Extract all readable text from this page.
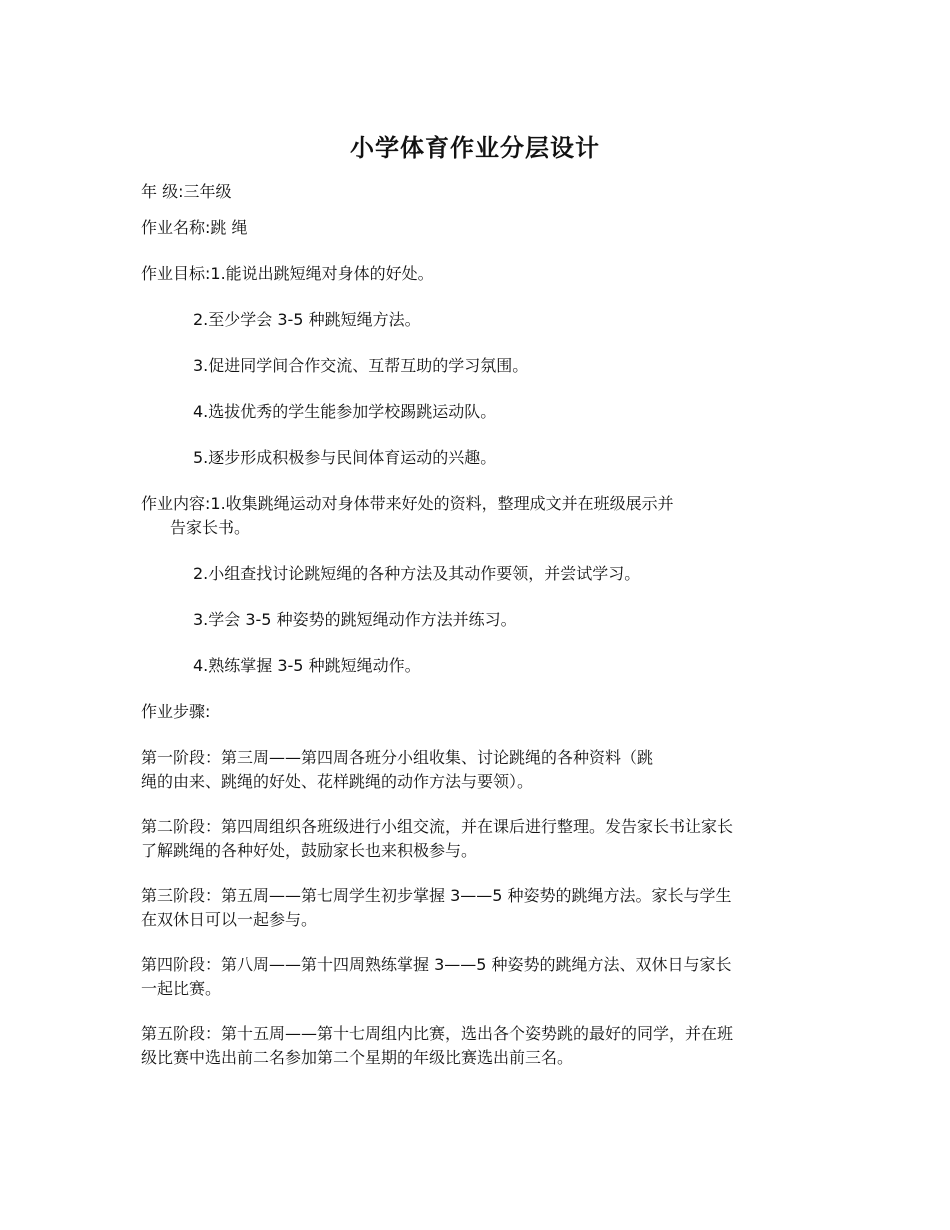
小学体育作业分层设计
年 级:三年级
作业名称:跳 绳
作业目标:1.能说出跳短绳对身体的好处。
2.至少学会 3-5 种跳短绳方法。
3.促进同学间合作交流、互帮互助的学习氛围。
4.选拔优秀的学生能参加学校踢跳运动队。
5.逐步形成积极参与民间体育运动的兴趣。
作业内容:1.收集跳绳运动对身体带来好处的资料，整理成文并在班级展示并
告家长书。
2.小组查找讨论跳短绳的各种方法及其动作要领，并尝试学习。
3.学会 3-5 种姿势的跳短绳动作方法并练习。
4.熟练掌握 3-5 种跳短绳动作。
作业步骤:
第一阶段：第三周——第四周各班分小组收集、讨论跳绳的各种资料（跳
绳的由来、跳绳的好处、花样跳绳的动作方法与要领）。
第二阶段：第四周组织各班级进行小组交流，并在课后进行整理。发告家长书让家长
了解跳绳的各种好处，鼓励家长也来积极参与。
第三阶段：第五周——第七周学生初步掌握 3——5 种姿势的跳绳方法。家长与学生
在双休日可以一起参与。
第四阶段：第八周——第十四周熟练掌握 3——5 种姿势的跳绳方法、双休日与家长
一起比赛。
第五阶段：第十五周——第十七周组内比赛，选出各个姿势跳的最好的同学，并在班
级比赛中选出前二名参加第二个星期的年级比赛选出前三名。
